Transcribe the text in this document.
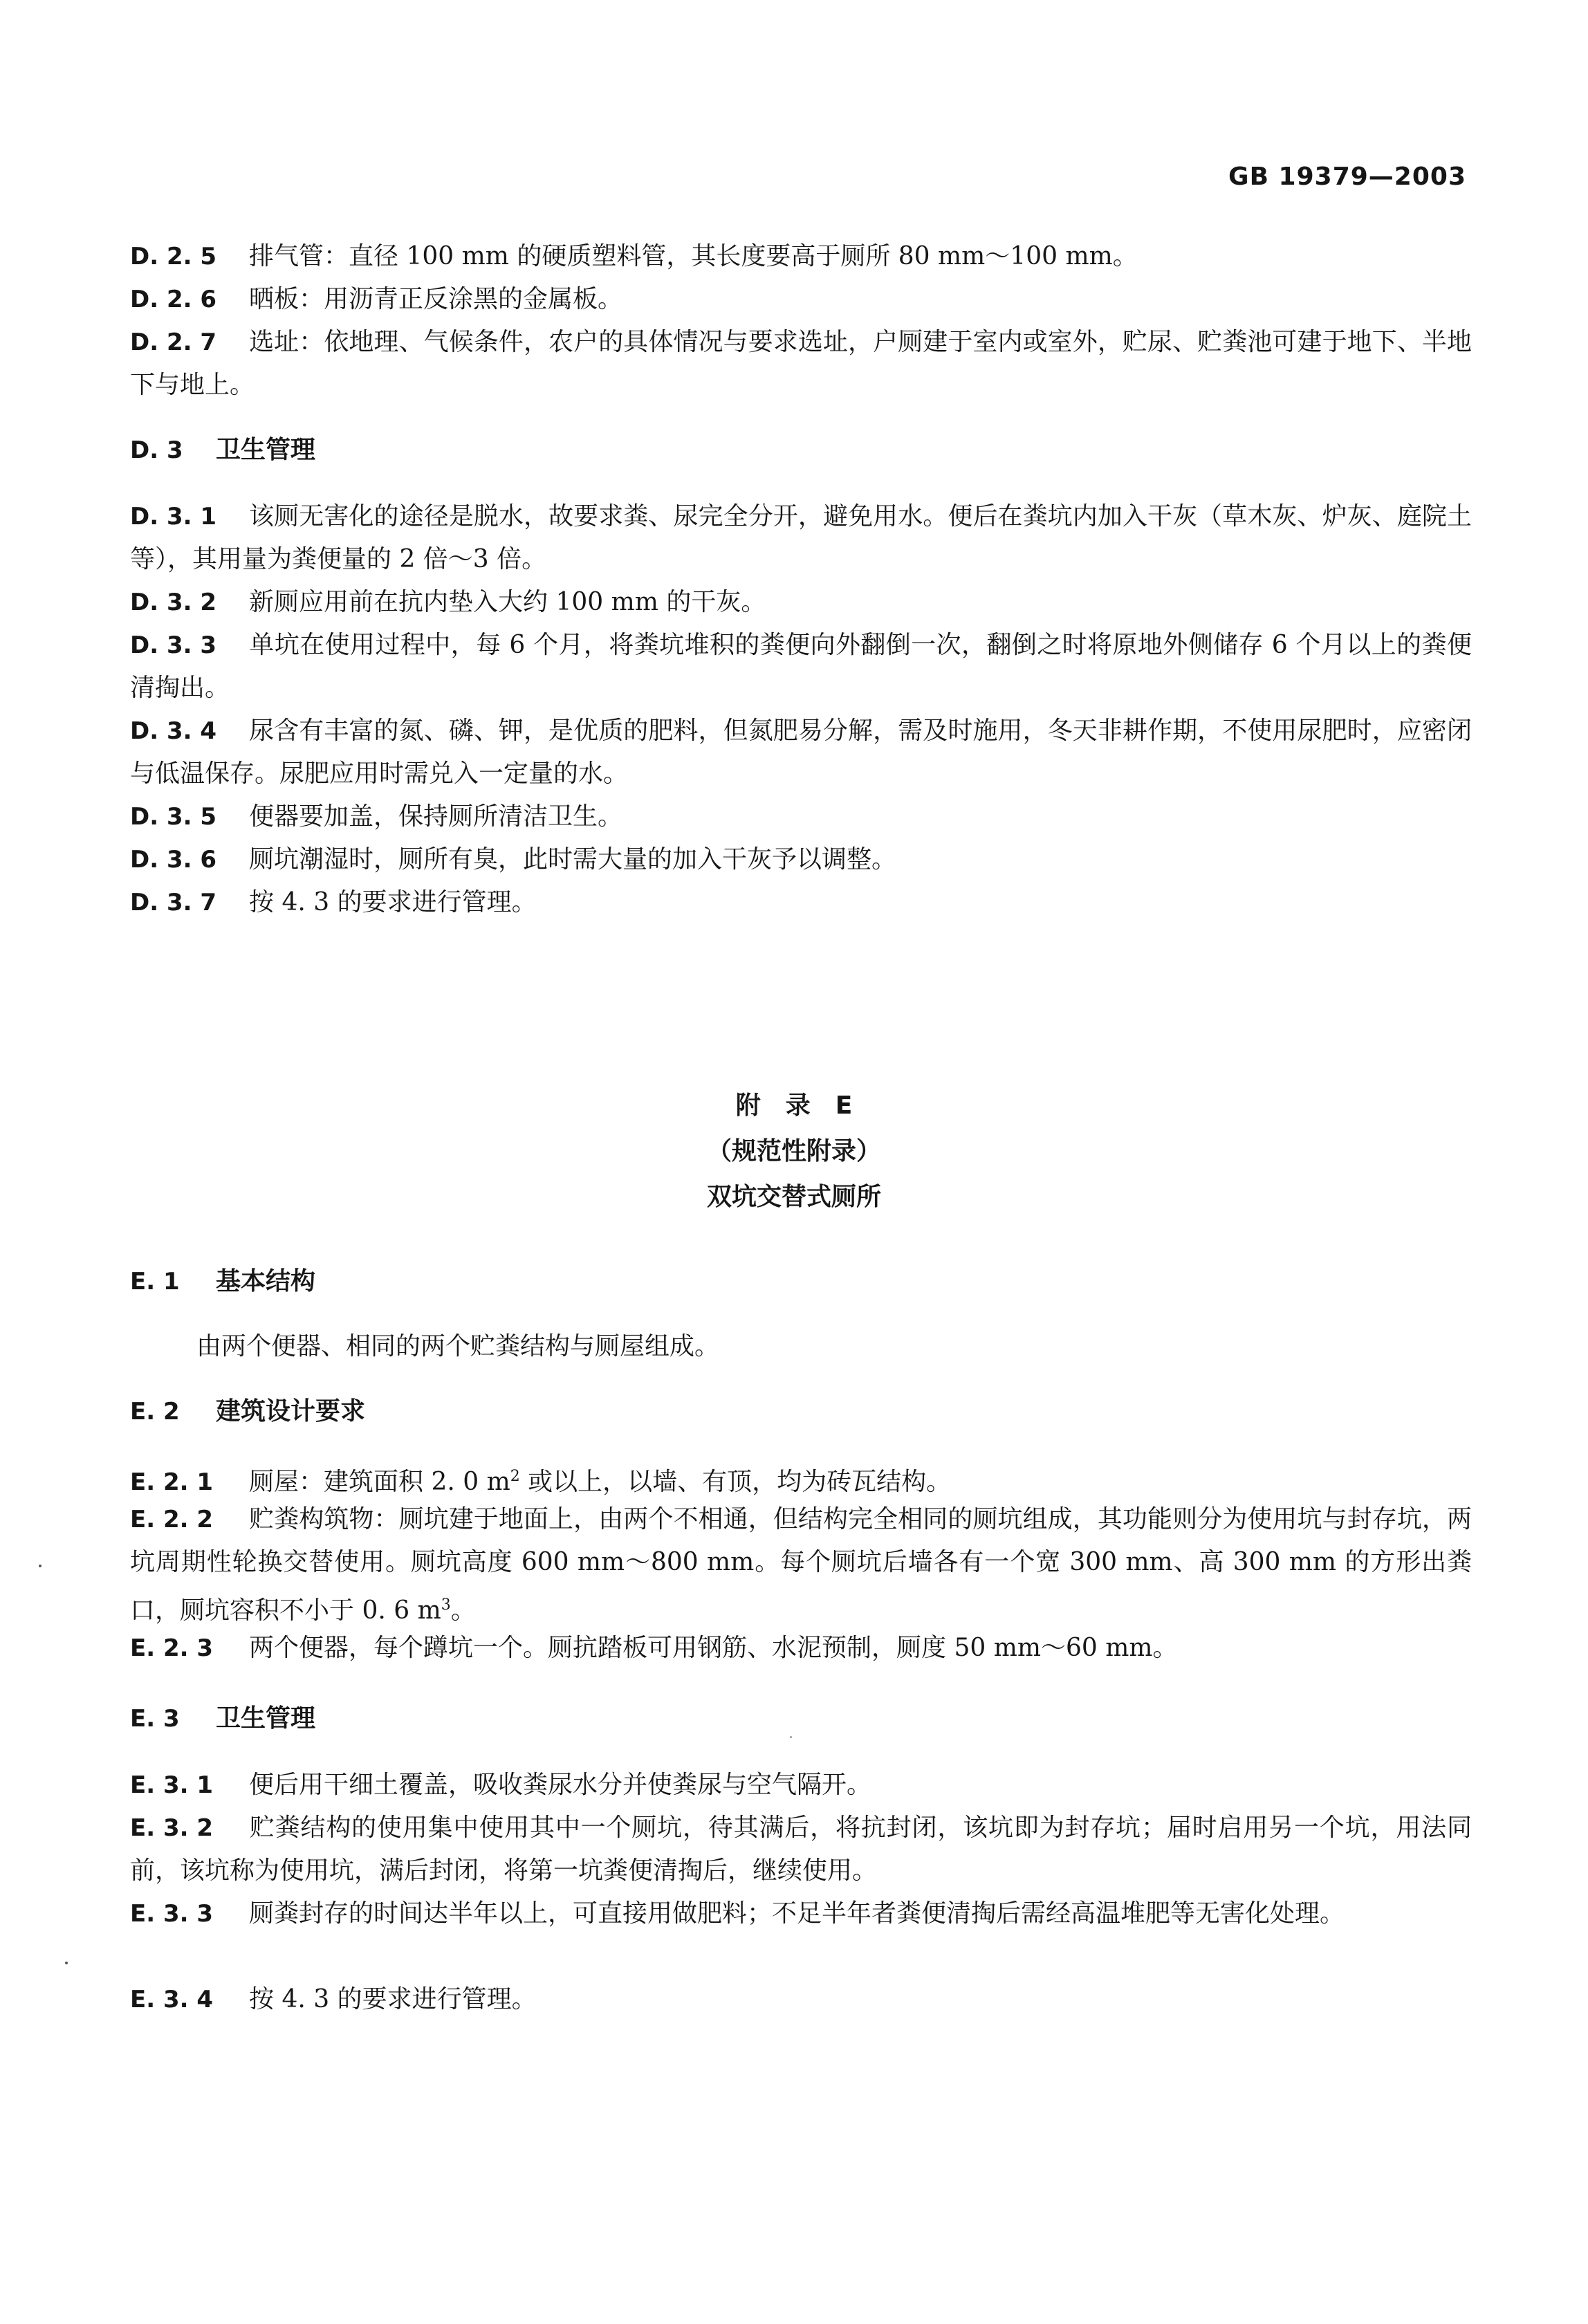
GB 19379—2003
D. 2. 5 排气管：直径 100 mm 的硬质塑料管，其长度要高于厕所 80 mm～100 mm。
D. 2. 6 晒板：用沥青正反涂黑的金属板。
D. 2. 7 选址：依地理、气候条件，农户的具体情况与要求选址，户厕建于室内或室外，贮尿、贮粪池可建于地下、半地下与地上。
D. 3 卫生管理
D. 3. 1 该厕无害化的途径是脱水，故要求粪、尿完全分开，避免用水。便后在粪坑内加入干灰（草木灰、炉灰、庭院土等），其用量为粪便量的 2 倍～3 倍。
D. 3. 2 新厕应用前在抗内垫入大约 100 mm 的干灰。
D. 3. 3 单坑在使用过程中，每 6 个月，将粪坑堆积的粪便向外翻倒一次，翻倒之时将原地外侧储存 6 个月以上的粪便清掏出。
D. 3. 4 尿含有丰富的氮、磷、钾，是优质的肥料，但氮肥易分解，需及时施用，冬天非耕作期，不使用尿肥时，应密闭与低温保存。尿肥应用时需兑入一定量的水。
D. 3. 5 便器要加盖，保持厕所清洁卫生。
D. 3. 6 厕坑潮湿时，厕所有臭，此时需大量的加入干灰予以调整。
D. 3. 7 按 4. 3 的要求进行管理。
附　录　E
（规范性附录）
双坑交替式厕所
E. 1 基本结构
由两个便器、相同的两个贮粪结构与厕屋组成。
E. 2 建筑设计要求
E. 2. 1 厕屋：建筑面积 2. 0 $m^2$ 或以上，以墙、有顶，均为砖瓦结构。
E. 2. 2 贮粪构筑物：厕坑建于地面上，由两个不相通，但结构完全相同的厕坑组成，其功能则分为使用坑与封存坑，两坑周期性轮换交替使用。厕坑高度 600 mm～800 mm。每个厕坑后墙各有一个宽 300 mm、高 300 mm 的方形出粪口，厕坑容积不小于 0. 6 $m^3$。
E. 2. 3 两个便器，每个蹲坑一个。厕抗踏板可用钢筋、水泥预制，厕度 50 mm～60 mm。
E. 3 卫生管理
E. 3. 1 便后用干细土覆盖，吸收粪尿水分并使粪尿与空气隔开。
E. 3. 2 贮粪结构的使用集中使用其中一个厕坑，待其满后，将抗封闭，该坑即为封存坑；届时启用另一个坑，用法同前，该坑称为使用坑，满后封闭，将第一坑粪便清掏后，继续使用。
E. 3. 3 厕粪封存的时间达半年以上，可直接用做肥料；不足半年者粪便清掏后需经高温堆肥等无害化处理。
E. 3. 4 按 4. 3 的要求进行管理。
